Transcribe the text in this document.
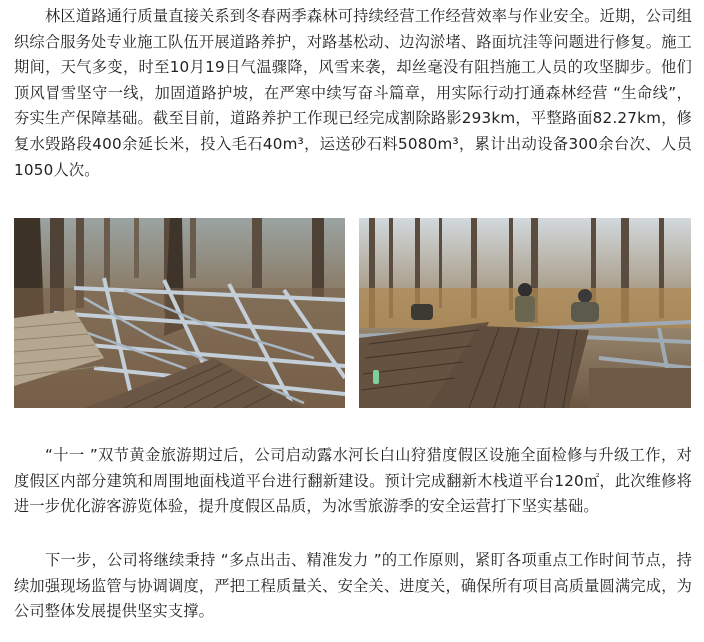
林区道路通行质量直接关系到冬春两季森林可持续经营工作经营效率与作业安全。近期，公司组织综合服务处专业施工队伍开展道路养护，对路基松动、边沟淤堵、路面坑洼等问题进行修复。施工期间，天气多变，时至10月19日气温骤降，风雪来袭，却丝毫没有阻挡施工人员的攻坚脚步。他们顶风冒雪坚守一线，加固道路护坡，在严寒中续写奋斗篇章，用实际行动打通森林经营 “生命线”，夯实生产保障基础。截至目前，道路养护工作现已经完成割除路影293km，平整路面82.27km，修复水毁路段400余延长米，投入毛石40m³，运送砂石料5080m³，累计出动设备300余台次、人员1050人次。

“十一 ”双节黄金旅游期过后，公司启动露水河长白山狩猎度假区设施全面检修与升级工作，对度假区内部分建筑和周围地面栈道平台进行翻新建设。预计完成翻新木栈道平台120㎡，此次维修将进一步优化游客游览体验，提升度假区品质，为冰雪旅游季的安全运营打下坚实基础。

下一步，公司将继续秉持 “多点出击、精准发力 ”的工作原则，紧盯各项重点工作时间节点，持续加强现场监管与协调调度，严把工程质量关、安全关、进度关，确保所有项目高质量圆满完成，为公司整体发展提供坚实支撑。
